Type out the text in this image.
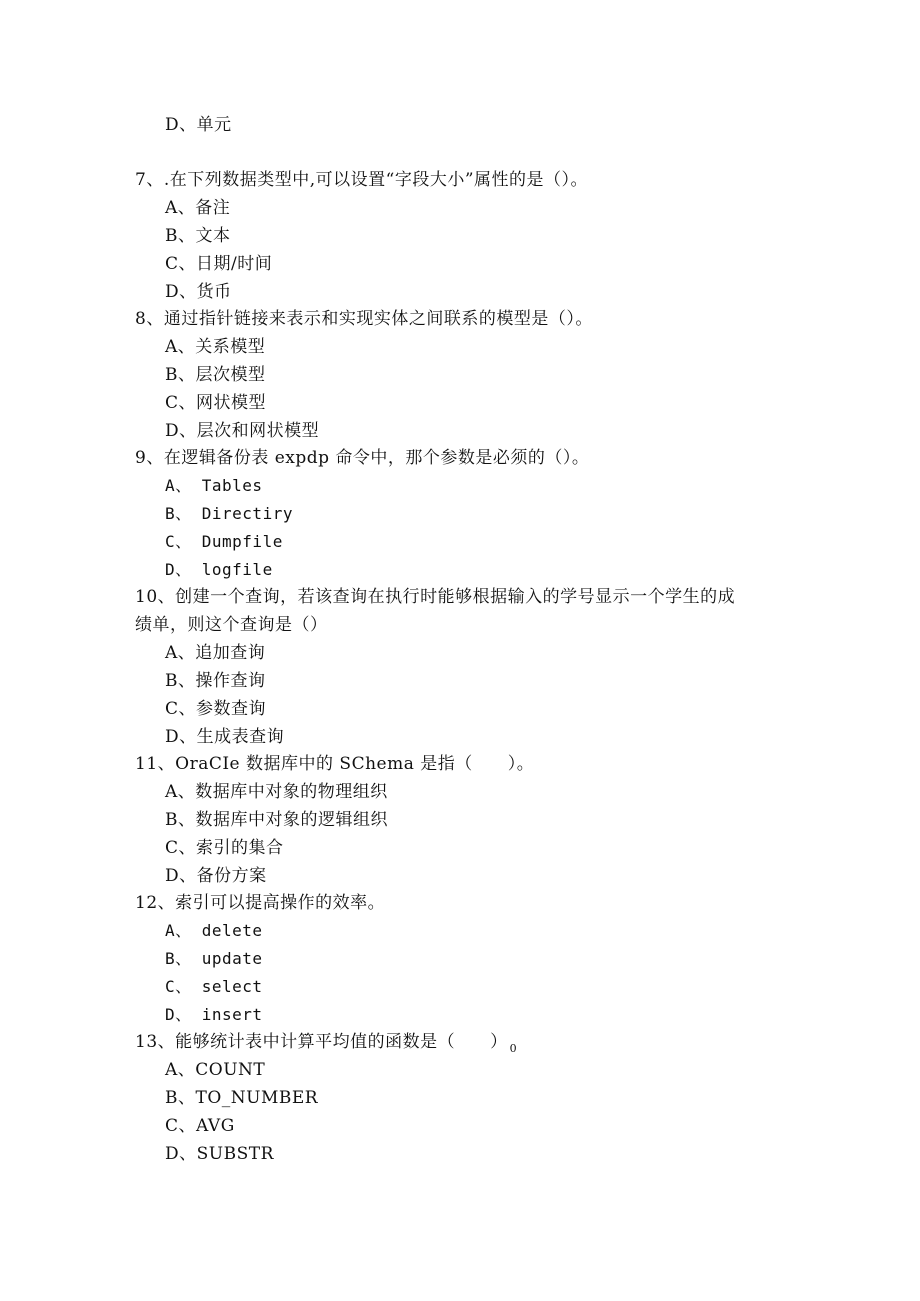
D、单元
7、.在下列数据类型中,可以设置“字段大小”属性的是（）。
A、备注
B、文本
C、日期/时间
D、货币
8、通过指针链接来表示和实现实体之间联系的模型是（）。
A、关系模型
B、层次模型
C、网状模型
D、层次和网状模型
9、在逻辑备份表 expdp 命令中，那个参数是必须的（）。
A、 Tables
B、 Directiry
C、 Dumpfile
D、 logfile
10、创建一个查询，若该查询在执行时能够根据输入的学号显示一个学生的成
绩单，则这个查询是（）
A、追加查询
B、操作查询
C、参数查询
D、生成表查询
11、OraCIe 数据库中的 SChema 是指（　　）。
A、数据库中对象的物理组织
B、数据库中对象的逻辑组织
C、索引的集合
D、备份方案
12、索引可以提高操作的效率。
A、 delete
B、 update
C、 select
D、 insert
13、能够统计表中计算平均值的函数是（　　） $_0$
A、COUNT
B、TO_NUMBER
C、AVG
D、SUBSTR
